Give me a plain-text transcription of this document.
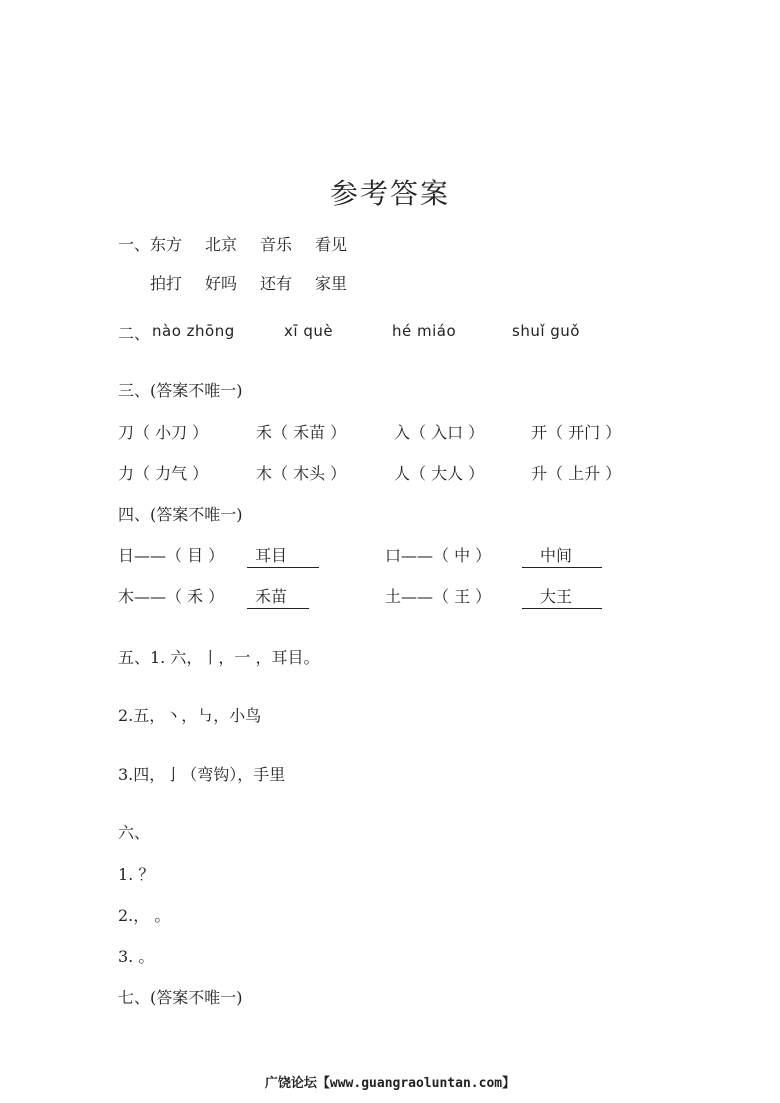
参考答案
一、 东方 北京 音乐 看见
拍打 好吗 还有 家里
二、 nào zhōng	xī què	hé miáo	shuǐ guǒ
三、(答案不唯一)
刀（ 小刀 ）	禾（ 禾苗 ）	入（ 入口 ）	开（ 开门 ）
力（ 力气 ）	木（ 木头 ）	人（ 大人 ）	升（ 上升 ）
四、(答案不唯一)
日——（ 目 ）	耳目	口——（ 中 ）	中间
木——（ 禾 ）	禾苗	土——（ 王 ）	大王
五、1. 六，丨，一 ，耳目。
2.五，丶，㇉，小鸟
3.四，亅（弯钩），手里
六、
1. ？
2.， 。
3. 。
七、(答案不唯一)
广饶论坛【www.guangraoluntan.com】
